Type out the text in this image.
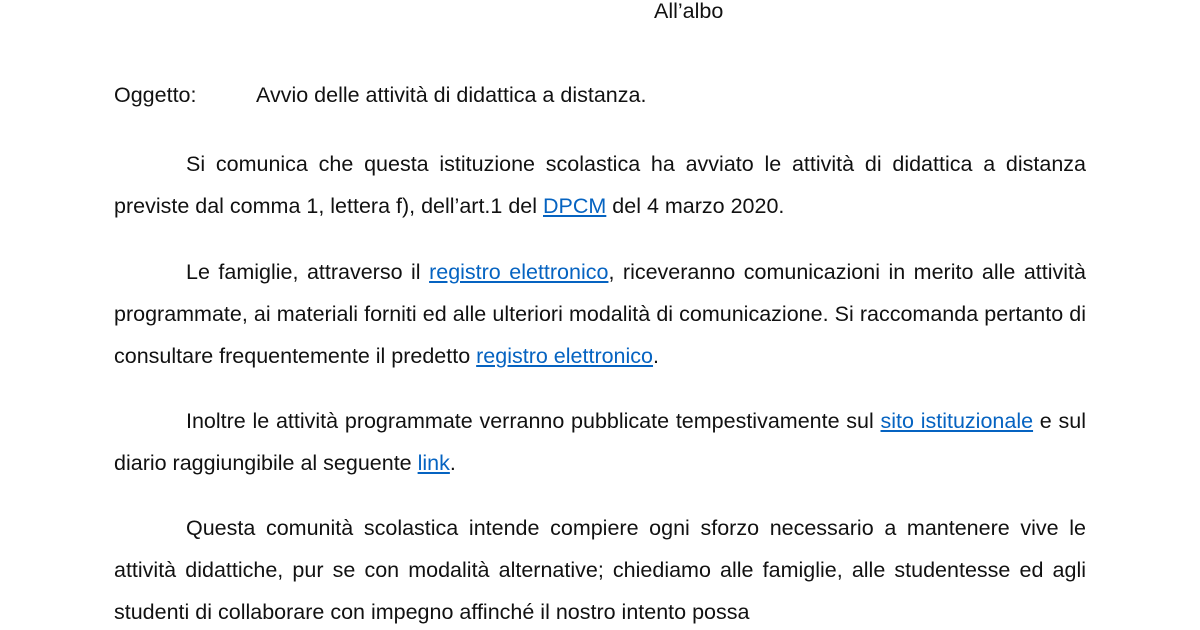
All’albo

Oggetto:	Avvio delle attività di didattica a distanza.

Si comunica che questa istituzione scolastica ha avviato le attività di didattica a distanza previste dal comma 1, lettera f), dell’art.1 del DPCM del 4 marzo 2020.

Le famiglie, attraverso il registro elettronico, riceveranno comunicazioni in merito alle attività programmate, ai materiali forniti ed alle ulteriori modalità di comunicazione. Si raccomanda pertanto di consultare frequentemente il predetto registro elettronico.

Inoltre le attività programmate verranno pubblicate tempestivamente sul sito istituzionale e sul diario raggiungibile al seguente link.

Questa comunità scolastica intende compiere ogni sforzo necessario a mantenere vive le attività didattiche, pur se con modalità alternative; chiediamo alle famiglie, alle studentesse ed agli studenti di collaborare con impegno affinché il nostro intento possa
